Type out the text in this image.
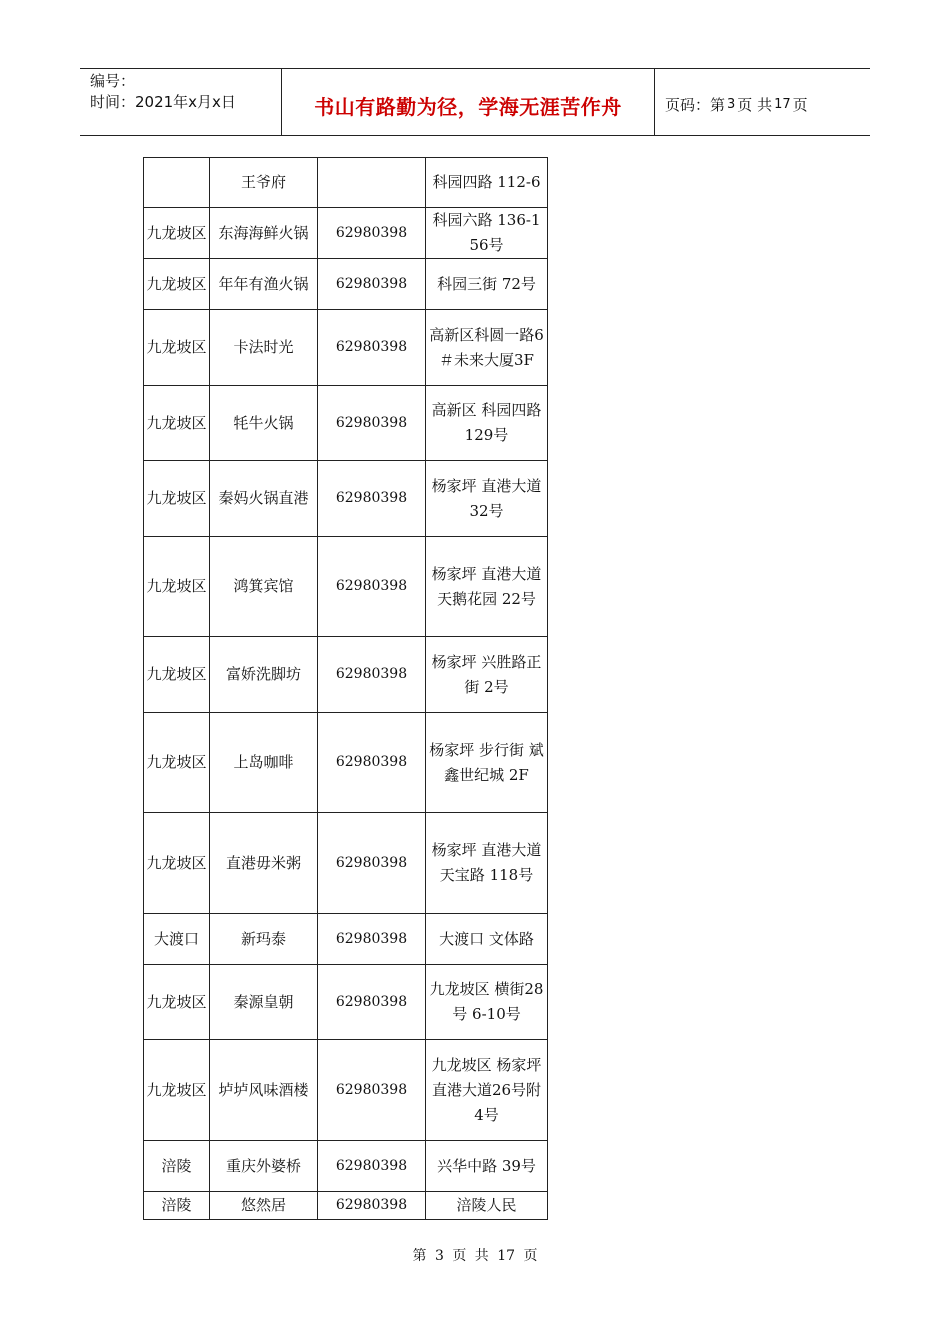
编号：
时间：2021年x月x日	书山有路勤为径，学海无涯苦作舟	页码：第 3 页 共 17 页
	王爷府		科园四路 112-6
九龙坡区	东海海鲜火锅	62980398	科园六路 136-156号
九龙坡区	年年有渔火锅	62980398	科园三街 72号
九龙坡区	卡法时光	62980398	高新区科圆一路6＃未来大厦3F
九龙坡区	牦牛火锅	62980398	高新区 科园四路 129号
九龙坡区	秦妈火锅直港	62980398	杨家坪 直港大道 32号
九龙坡区	鸿箕宾馆	62980398	杨家坪 直港大道 天鹅花园 22号
九龙坡区	富娇洗脚坊	62980398	杨家坪 兴胜路正街 2号
九龙坡区	上岛咖啡	62980398	杨家坪 步行街 斌鑫世纪城 2F
九龙坡区	直港毋米粥	62980398	杨家坪 直港大道 天宝路 118号
大渡口	新玛泰	62980398	大渡口 文体路
九龙坡区	秦源皇朝	62980398	九龙坡区 横街28号 6-10号
九龙坡区	垆垆风味酒楼	62980398	九龙坡区 杨家坪直港大道26号附4号
涪陵	重庆外婆桥	62980398	兴华中路 39号
涪陵	悠然居	62980398	涪陵人民
第 3 页 共 17 页
